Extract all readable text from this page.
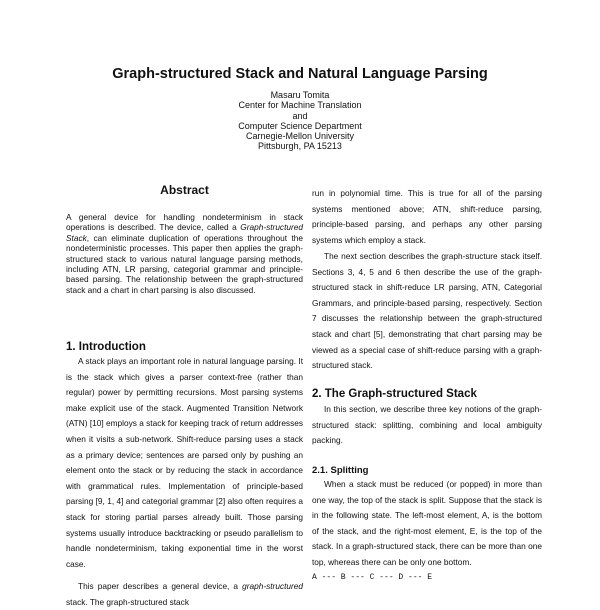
Graph-structured Stack and Natural Language Parsing
Masaru Tomita
Center for Machine Translation
and
Computer Science Department
Carnegie-Mellon University
Pittsburgh, PA 15213
Abstract
A general device for handling nondeterminism in stack operations is described. The device, called a Graph-structured Stack, can eliminate duplication of operations throughout the nondeterministic processes. This paper then applies the graph-structured stack to various natural language parsing methods, including ATN, LR parsing, categorial grammar and principle-based parsing. The relationship between the graph-structured stack and a chart in chart parsing is also discussed.
1. Introduction
A stack plays an important role in natural language parsing. It is the stack which gives a parser context-free (rather than regular) power by permitting recursions. Most parsing systems make explicit use of the stack. Augmented Transition Network (ATN) [10] employs a stack for keeping track of return addresses when it visits a sub-network. Shift-reduce parsing uses a stack as a primary device; sentences are parsed only by pushing an element onto the stack or by reducing the stack in accordance with grammatical rules. Implementation of principle-based parsing [9, 1, 4] and categorial grammar [2] also often requires a stack for storing partial parses already built. Those parsing systems usually introduce backtracking or pseudo parallelism to handle nondeterminism, taking exponential time in the worst case.
This paper describes a general device, a graph-structured stack. The graph-structured stack
run in polynomial time. This is true for all of the parsing systems mentioned above; ATN, shift-reduce parsing, principle-based parsing, and perhaps any other parsing systems which employ a stack.
The next section describes the graph-structure stack itself. Sections 3, 4, 5 and 6 then describe the use of the graph-structured stack in shift-reduce LR parsing, ATN, Categorial Grammars, and principle-based parsing, respectively. Section 7 discusses the relationship between the graph-structured stack and chart [5], demonstrating that chart parsing may be viewed as a special case of shift-reduce parsing with a graph-structured stack.
2. The Graph-structured Stack
In this section, we describe three key notions of the graph-structured stack: splitting, combining and local ambiguity packing.
2.1. Splitting
When a stack must be reduced (or popped) in more than one way, the top of the stack is split. Suppose that the stack is in the following state. The left-most element, A, is the bottom of the stack, and the right-most element, E, is the top of the stack. In a graph-structured stack, there can be more than one top, whereas there can be only one bottom.
A --- B --- C --- D --- E
